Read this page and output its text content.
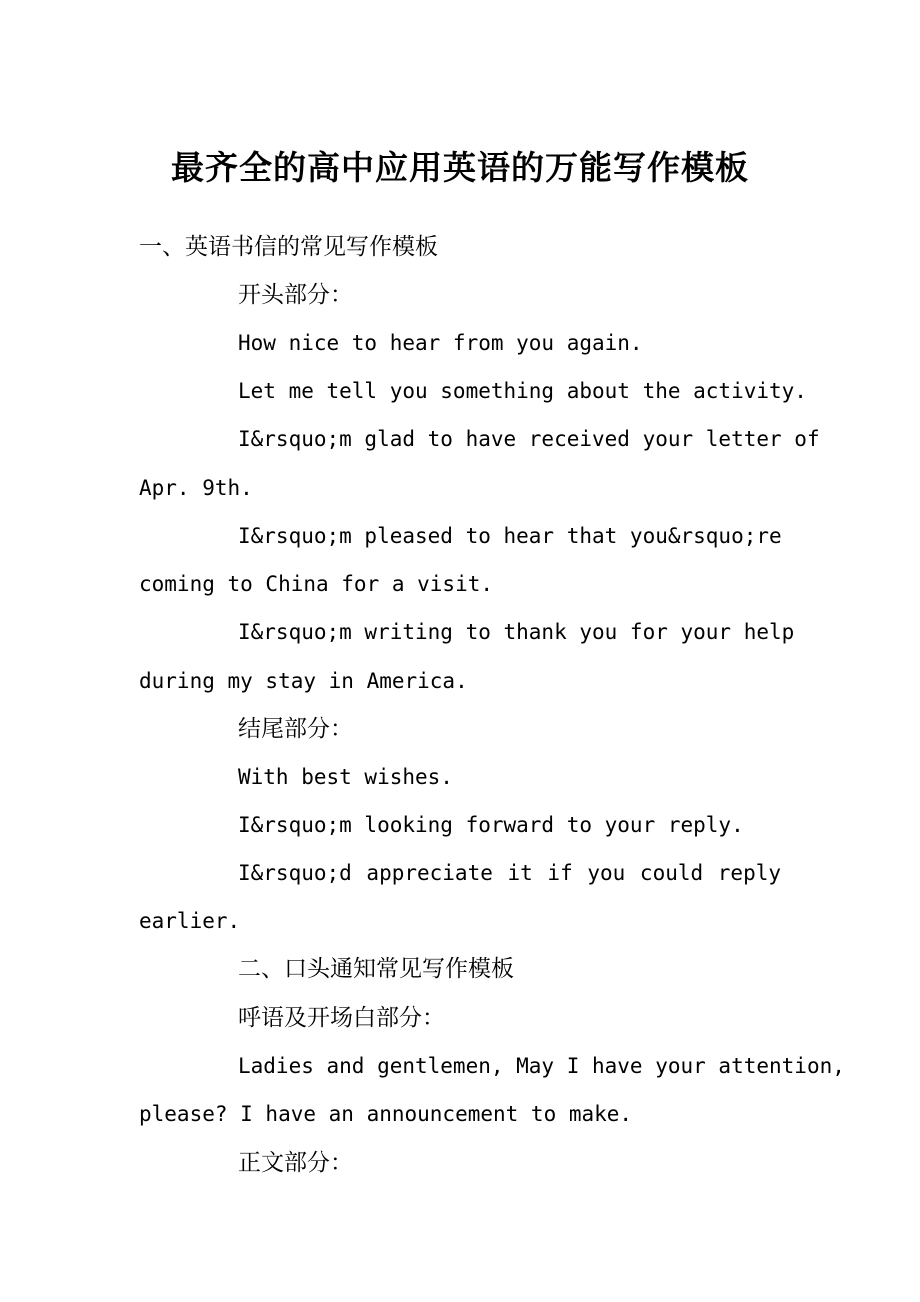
最齐全的高中应用英语的万能写作模板
一、英语书信的常见写作模板
开头部分：
How nice to hear from you again.
Let me tell you something about the activity.
I&rsquo;m glad to have received your letter of
Apr. 9th.
I&rsquo;m pleased to hear that you&rsquo;re
coming to China for a visit.
I&rsquo;m writing to thank you for your help
during my stay in America.
结尾部分：
With best wishes.
I&rsquo;m looking forward to your reply.
I&rsquo;d appreciate it if you could reply
earlier.
二、口头通知常见写作模板
呼语及开场白部分：
Ladies and gentlemen, May I have your attention,
please? I have an announcement to make.
正文部分：
